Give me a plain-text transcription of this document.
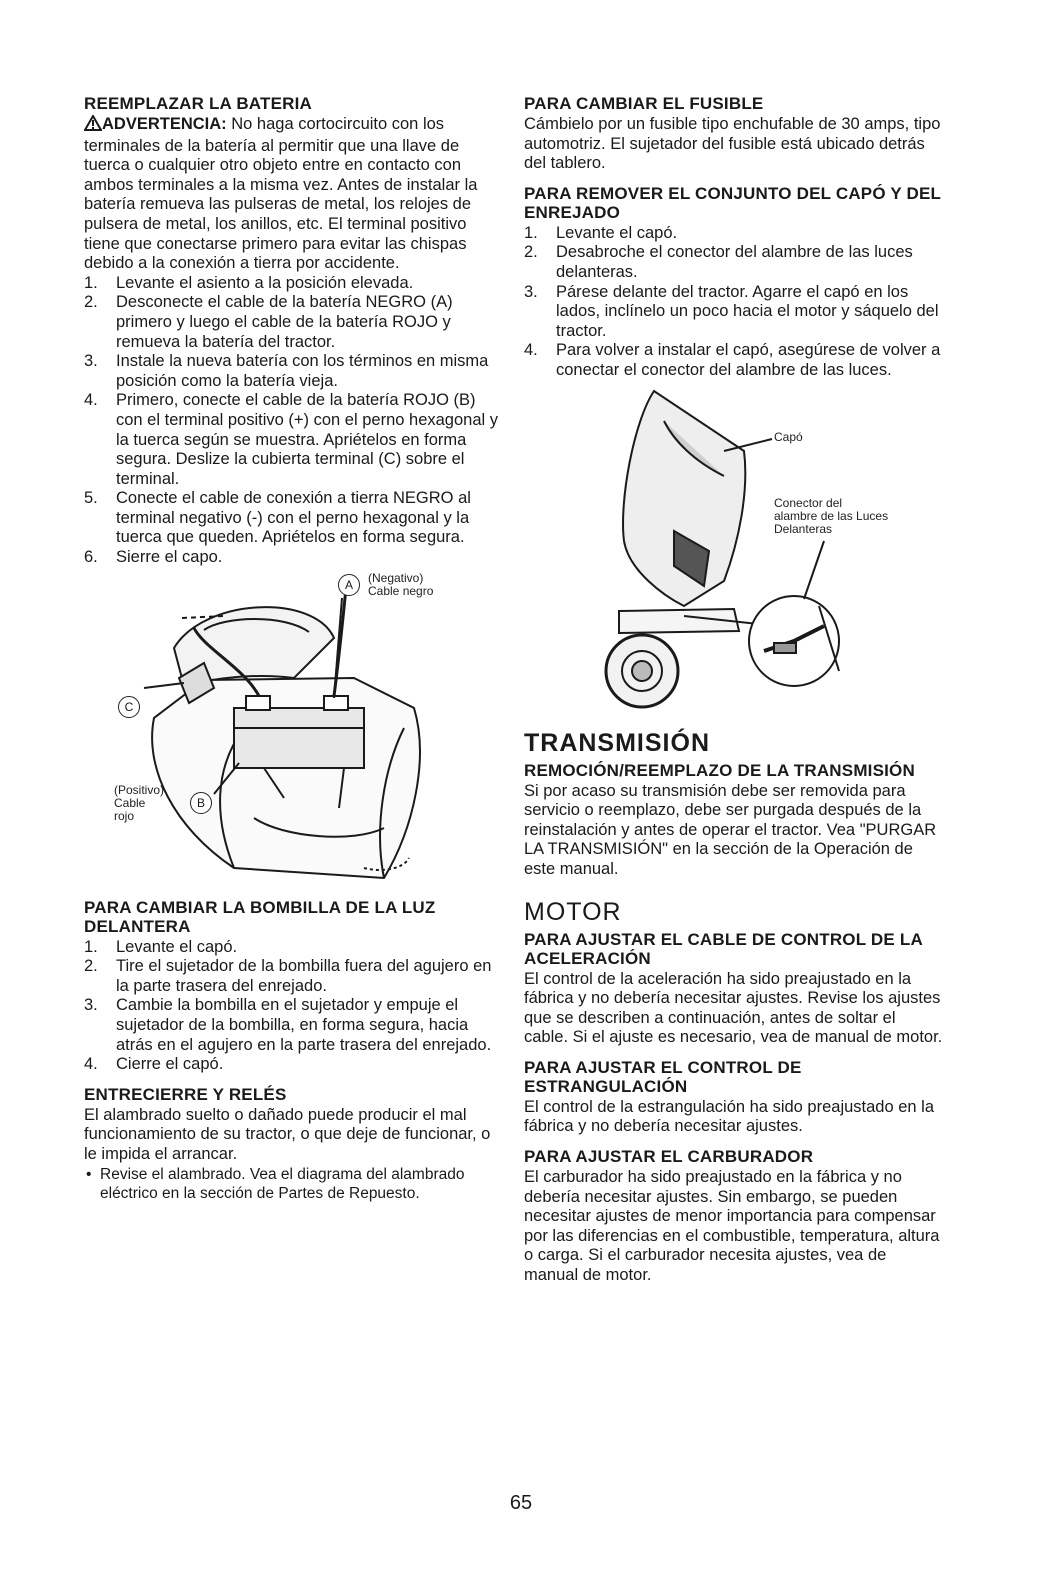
REEMPLAZAR LA BATERIA

ADVERTENCIA: No haga cortocircuito con los terminales de la batería al permitir que una llave de tuerca o cualquier otro objeto entre en contacto con ambos terminales a la misma vez. Antes de instalar la batería remueva las pulseras de metal, los relojes de pulsera de metal, los anillos, etc. El terminal positivo tiene que conectarse primero para evitar las chispas debido a la conexión a tierra por accidente.

1. Levante el asiento a la posición elevada.
2. Desconecte el cable de la batería NEGRO (A) primero y luego el cable de la batería ROJO y remueva la batería del tractor.
3. Instale la nueva batería con los términos en misma posición como la batería vieja.
4. Primero, conecte el cable de la batería ROJO (B) con el terminal positivo (+) con el perno hexagonal y la tuerca según se muestra. Apriételos en forma segura. Deslize la cubierta terminal (C) sobre el terminal.
5. Conecte el cable de conexión a tierra NEGRO al terminal negativo (-) con el perno hexagonal y la tuerca que queden. Apriételos en forma segura.
6. Sierre el capo.
A	(Negativo)
Cable negro
C
B
(Positivo)
Cable
rojo
PARA CAMBIAR LA BOMBILLA DE LA LUZ DELANTERA
1. Levante el capó.
2. Tire el sujetador de la bombilla fuera del agujero en la parte trasera del enrejado.
3. Cambie la bombilla en el sujetador y empuje el sujetador de la bombilla, en forma segura, hacia atrás en el agujero en la parte trasera del enrejado.
4. Cierre el capó.
ENTRECIERRE Y RELÉS

El alambrado suelto o dañado puede producir el mal funcionamiento de su tractor, o que deje de funcionar, o le impida el arrancar.

• Revise el alambrado. Vea el diagrama del alambrado eléctrico en la sección de Partes de Repuesto.
PARA CAMBIAR EL FUSIBLE

Cámbielo por un fusible tipo enchufable de 30 amps, tipo automotriz. El sujetador del fusible está ubicado detrás del tablero.

PARA REMOVER EL CONJUNTO DEL CAPÓ Y DEL ENREJADO
1. Levante el capó.
2. Desabroche el conector del alambre de las luces delanteras.
3. Párese delante del tractor. Agarre el capó en los lados, inclínelo un poco hacia el motor y sáquelo del tractor.
4. Para volver a instalar el capó, asegúrese de volver a conectar el conector del alambre de las luces.
Capó
Conector del
alambre de las Luces
Delanteras
TRANSMISIÓN
REMOCIÓN/REEMPLAZO DE LA TRANSMISIÓN

Si por acaso su transmisión debe ser removida para servicio o reemplazo, debe ser purgada después de la reinstalación y antes de operar el tractor. Vea "PURGAR LA TRANSMISIÓN" en la sección de la Operación de este manual.

MOTOR
PARA AJUSTAR EL CABLE DE CONTROL DE LA ACELERACIÓN

El control de la aceleración ha sido preajustado en la fábrica y no debería necesitar ajustes. Revise los ajustes que se describen a continuación, antes de soltar el cable. Si el ajuste es necesario, vea de manual de motor.

PARA AJUSTAR EL CONTROL DE ESTRANGULACIÓN

El control de la estrangulación ha sido preajustado en la fábrica y no debería necesitar ajustes.

PARA AJUSTAR EL CARBURADOR

El carburador ha sido preajustado en la fábrica y no debería necesitar ajustes. Sin embargo, se pueden necesitar ajustes de menor importancia para compensar por las diferencias en el combustible, temperatura, altura o carga. Si el carburador necesita ajustes, vea de manual de motor.

65
